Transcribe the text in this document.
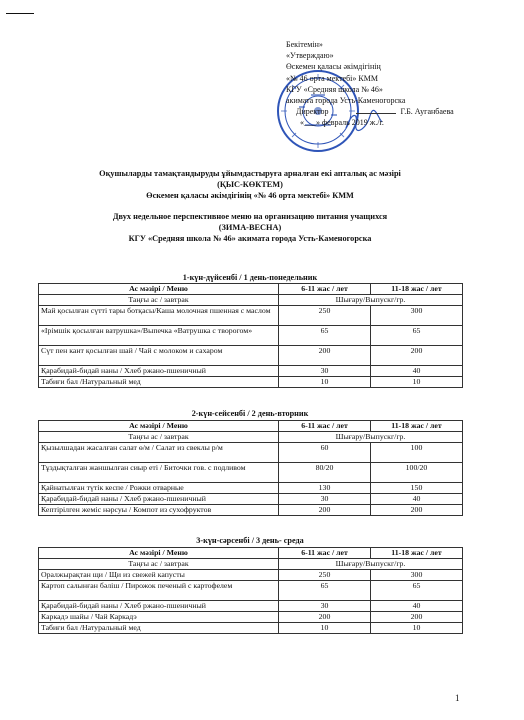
Бекітемін»
«Утверждаю»
Өскемен қаласы әкімдігінің
«№ 46 орта мектебі» КММ
КГУ «Средняя школа № 46»
акимата города Усть-Каменогорска
Директор	Г.Б. Ауганбаева
«___» февраль 2019 ж./г.
Оқушыларды тамақтандыруды ұйымдастыруға арналған екі апталық ас мәзірі
(ҚЫС-КӨКТЕМ)
Өскемен қаласы әкімдігінің «№ 46 орта мектебі» КММ
Двух недельное перспективное меню на организацию питания учащихся
(ЗИМА-ВЕСНА)
КГУ «Средняя школа № 46» акимата города Усть-Каменогорска
1-күн-дүйсенбі / 1 день-понедельник
Ас мәзірі / Меню	6-11 жас / лет	11-18 жас / лет
Таңғы ас / завтрак	Шығару/Выпускг/гр.	
Май қосылған сүтті тары ботқасы/Каша молочная пшенная с маслом	250	300
«Ірімшік қосылған ватрушка»/Выпечка «Ватрушка с творогом»	65	65
Сүт пен кант қосылған шай / Чай с молоком и сахаром	200	200
Қарабидай-бидай наны / Хлеб ржано-пшеничный	30	40
Табиғи бал /Натуральный мед	10	10
2-күн-сейсенбі / 2 день-вторник
Ас мәзірі / Меню	6-11 жас / лет	11-18 жас / лет
Таңғы ас / завтрак	Шығару/Выпускг/гр.	
Қызылшадан жасалған салат ө/м / Салат из свеклы р/м	60	100
Тұздықталған жаншылған сиыр еті / Биточки гов. с подливом	80/20	100/20
Қайнатылған түтік кеспе / Рожки отварные	130	150
Қарабидай-бидай наны / Хлеб ржано-пшеничный	30	40
Кептірілген жеміс нәрсуы / Компот из сухофруктов	200	200
3-күн-сәрсенбі / 3 день- среда
Ас мәзірі / Меню	6-11 жас / лет	11-18 жас / лет
Таңғы ас / завтрак	Шығару/Выпускг/гр.	
Оралжырақтан щи / Щи из свежей капусты	250	300
Картоп салынған бәліш / Пирожок печеный с картофелем	65	65
Қарабидай-бидай наны / Хлеб ржано-пшеничный	30	40
Каркадэ шайы / Чай Каркадэ	200	200
Табиғи бал /Натуральный мед	10	10
1
